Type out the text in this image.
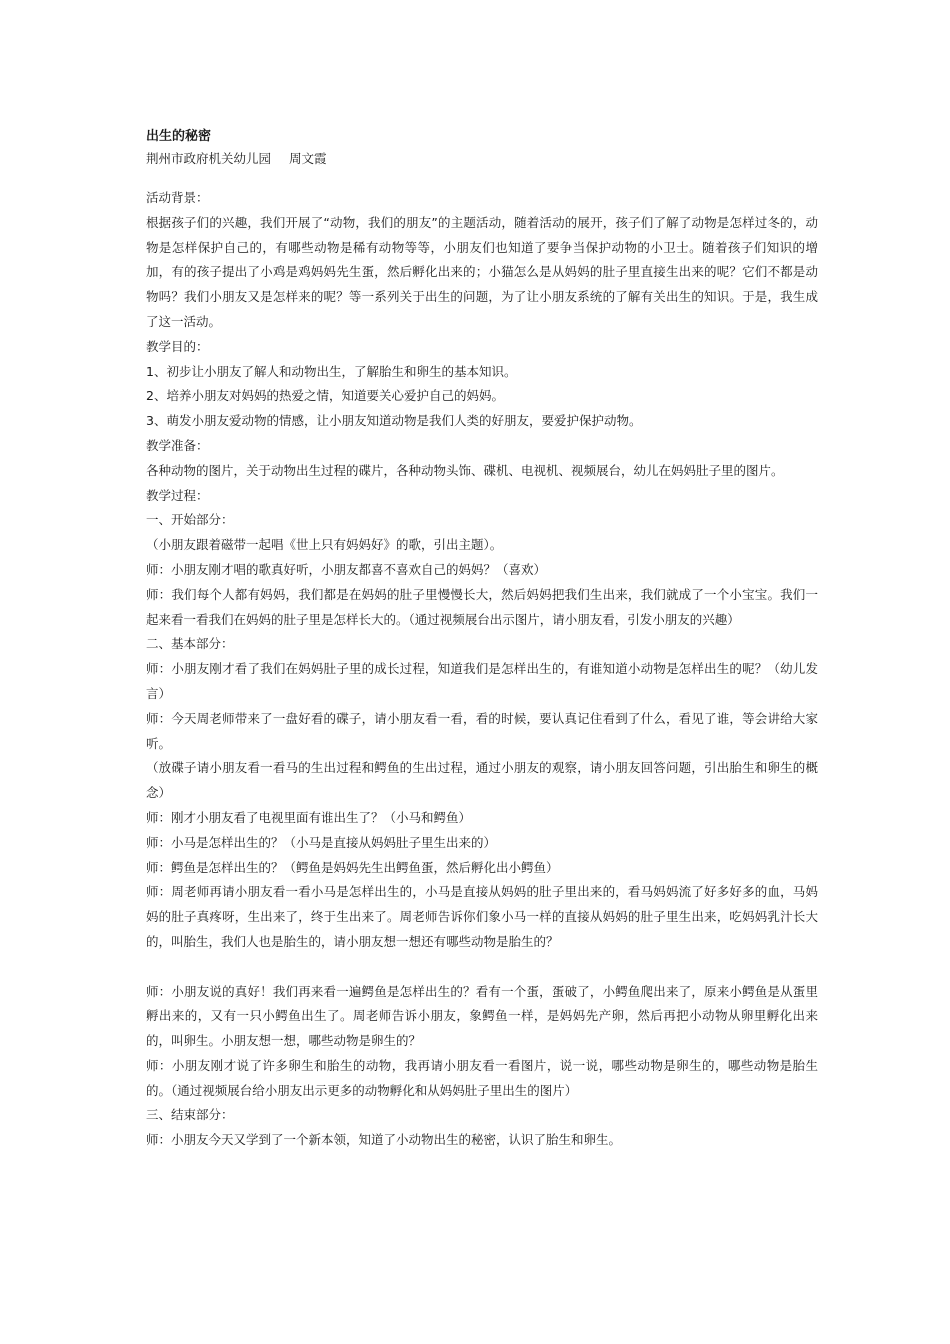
出生的秘密

荆州市政府机关幼儿园 周文霞

活动背景：

根据孩子们的兴趣，我们开展了“动物，我们的朋友”的主题活动，随着活动的展开，孩子们了解了动物是怎样过冬的，动物是怎样保护自己的，有哪些动物是稀有动物等等，小朋友们也知道了要争当保护动物的小卫士。随着孩子们知识的增加，有的孩子提出了小鸡是鸡妈妈先生蛋，然后孵化出来的；小猫怎么是从妈妈的肚子里直接生出来的呢？它们不都是动物吗？我们小朋友又是怎样来的呢？等一系列关于出生的问题，为了让小朋友系统的了解有关出生的知识。于是，我生成了这一活动。

教学目的：

1、初步让小朋友了解人和动物出生，了解胎生和卵生的基本知识。

2、培养小朋友对妈妈的热爱之情，知道要关心爱护自己的妈妈。

3、萌发小朋友爱动物的情感，让小朋友知道动物是我们人类的好朋友，要爱护保护动物。

教学准备：

各种动物的图片，关于动物出生过程的碟片，各种动物头饰、碟机、电视机、视频展台，幼儿在妈妈肚子里的图片。

教学过程：

一、开始部分：

（小朋友跟着磁带一起唱《世上只有妈妈好》的歌，引出主题）。

师：小朋友刚才唱的歌真好听，小朋友都喜不喜欢自己的妈妈？（喜欢）

师：我们每个人都有妈妈，我们都是在妈妈的肚子里慢慢长大，然后妈妈把我们生出来，我们就成了一个小宝宝。我们一起来看一看我们在妈妈的肚子里是怎样长大的。（通过视频展台出示图片，请小朋友看，引发小朋友的兴趣）

二、基本部分：

师：小朋友刚才看了我们在妈妈肚子里的成长过程，知道我们是怎样出生的，有谁知道小动物是怎样出生的呢？（幼儿发言）

师：今天周老师带来了一盘好看的碟子，请小朋友看一看，看的时候，要认真记住看到了什么，看见了谁，等会讲给大家听。

（放碟子请小朋友看一看马的生出过程和鳄鱼的生出过程，通过小朋友的观察，请小朋友回答问题，引出胎生和卵生的概念）

师：刚才小朋友看了电视里面有谁出生了？（小马和鳄鱼）

师：小马是怎样出生的？（小马是直接从妈妈肚子里生出来的）

师：鳄鱼是怎样出生的？（鳄鱼是妈妈先生出鳄鱼蛋，然后孵化出小鳄鱼）

师：周老师再请小朋友看一看小马是怎样出生的，小马是直接从妈妈的肚子里出来的，看马妈妈流了好多好多的血，马妈妈的肚子真疼呀，生出来了，终于生出来了。周老师告诉你们象小马一样的直接从妈妈的肚子里生出来，吃妈妈乳汁长大的，叫胎生，我们人也是胎生的，请小朋友想一想还有哪些动物是胎生的？

师：小朋友说的真好！我们再来看一遍鳄鱼是怎样出生的？看有一个蛋，蛋破了，小鳄鱼爬出来了，原来小鳄鱼是从蛋里孵出来的，又有一只小鳄鱼出生了。周老师告诉小朋友，象鳄鱼一样，是妈妈先产卵，然后再把小动物从卵里孵化出来的，叫卵生。小朋友想一想，哪些动物是卵生的？

师：小朋友刚才说了许多卵生和胎生的动物，我再请小朋友看一看图片，说一说，哪些动物是卵生的，哪些动物是胎生的。（通过视频展台给小朋友出示更多的动物孵化和从妈妈肚子里出生的图片）

三、结束部分：

师：小朋友今天又学到了一个新本领，知道了小动物出生的秘密，认识了胎生和卵生。
